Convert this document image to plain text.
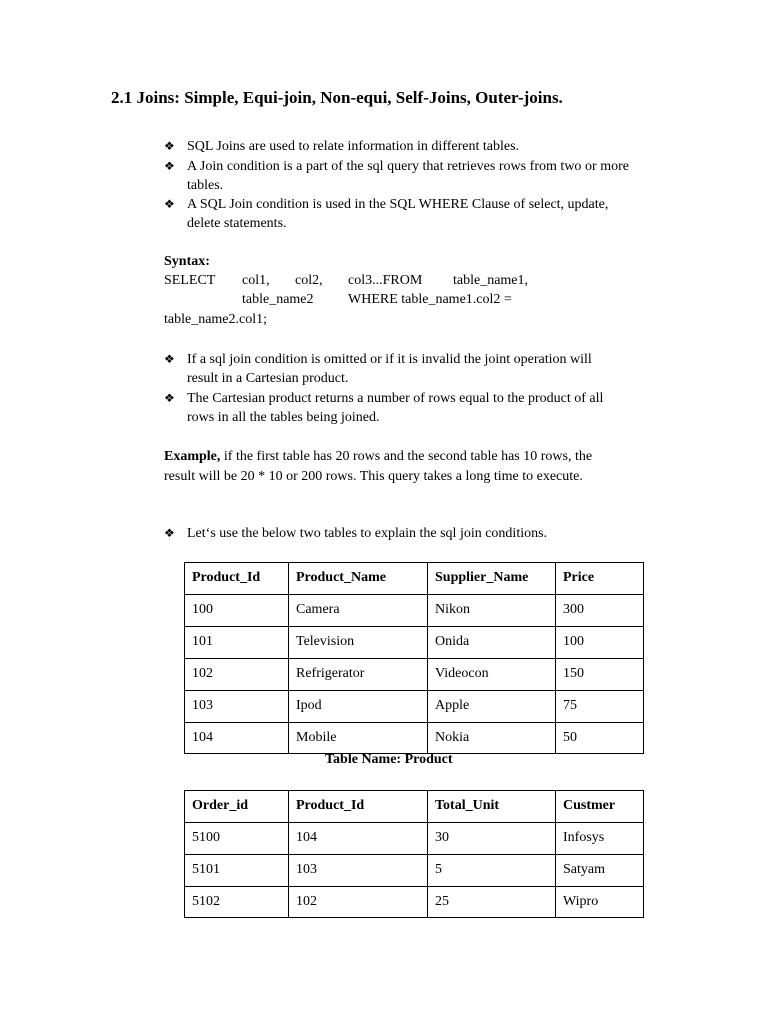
2.1 Joins: Simple, Equi-join, Non-equi, Self-Joins, Outer-joins.
❖ SQL Joins are used to relate information in different tables.
❖ A Join condition is a part of the sql query that retrieves rows from two or more tables.
❖ A SQL Join condition is used in the SQL WHERE Clause of select, update, delete statements.
Syntax:
SELECT col1, col2, col3...FROM table_name1,
table_name2 WHERE table_name1.col2 =
table_name2.col1;
❖ If a sql join condition is omitted or if it is invalid the joint operation will result in a Cartesian product.
❖ The Cartesian product returns a number of rows equal to the product of all rows in all the tables being joined.
Example, if the first table has 20 rows and the second table has 10 rows, the result will be 20 * 10 or 200 rows. This query takes a long time to execute.
❖ Let‘s use the below two tables to explain the sql join conditions.
Product_Id	Product_Name	Supplier_Name	Price
100	Camera	Nikon	300
101	Television	Onida	100
102	Refrigerator	Videocon	150
103	Ipod	Apple	75
104	Mobile	Nokia	50
Table Name: Product
Order_id	Product_Id	Total_Unit	Custmer
5100	104	30	Infosys
5101	103	5	Satyam
5102	102	25	Wipro
